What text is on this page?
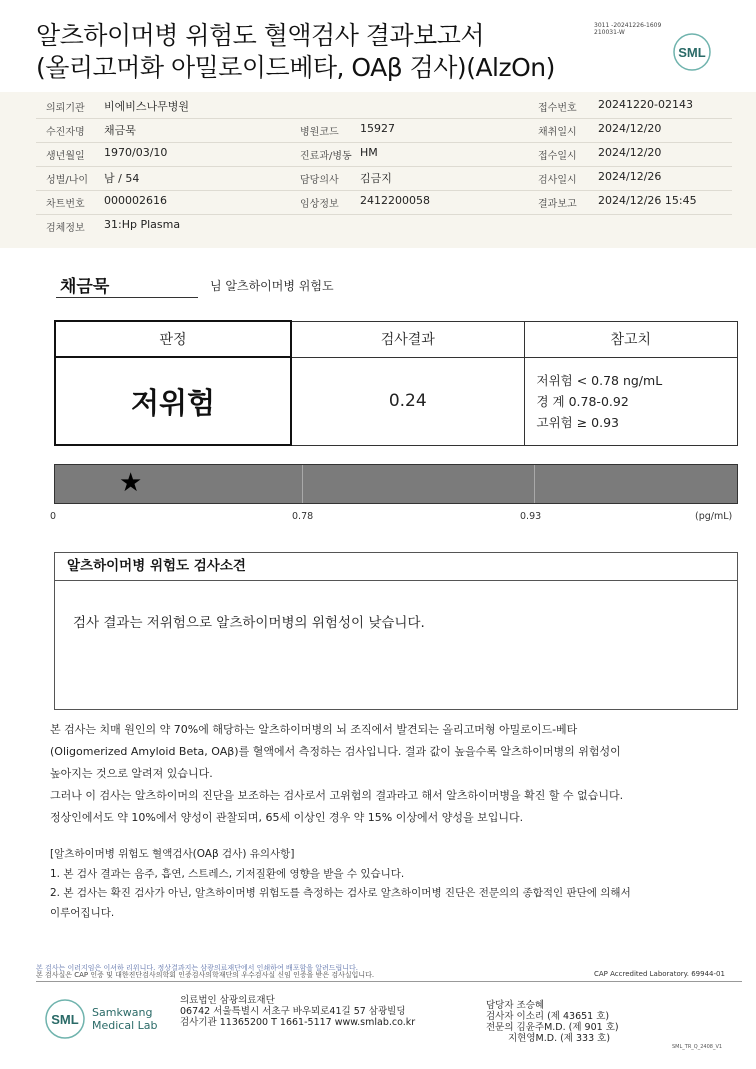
알츠하이머병 위험도 혈액검사 결과보고서
(올리고머화 아밀로이드베타, OAβ 검사)(AlzOn)
3011 -20241226-1609
210031-W
SML
의뢰기관 비에비스나무병원	접수번호 20241220-02143
수진자명 채금묵	병원코드 15927	채취일시 2024/12/20
생년월일 1970/03/10	진료과/병동 HM	접수일시 2024/12/20
성별/나이 남 / 54	담당의사 김금지	검사일시 2024/12/26
차트번호 000002616	임상정보 2412200058	결과보고 2024/12/26 15:45
검체정보 31:Hp Plasma
채금묵	님 알츠하이머병 위험도
판정	검사결과	참고치
저위험	0.24	저위험 < 0.78 ng/mL
경 계 0.78-0.92
고위험 ≥ 0.93
★
0	0.78	0.93	(pg/mL)
알츠하이머병 위험도 검사소견
검사 결과는 저위험으로 알츠하이머병의 위험성이 낮습니다.
본 검사는 치매 원인의 약 70%에 해당하는 알츠하이머병의 뇌 조직에서 발견되는 올리고머형 아밀로이드-베타
(Oligomerized Amyloid Beta, OAβ)를 혈액에서 측정하는 검사입니다. 결과 값이 높을수록 알츠하이머병의 위험성이
높아지는 것으로 알려져 있습니다.
그러나 이 검사는 알츠하이머의 진단을 보조하는 검사로서 고위험의 결과라고 해서 알츠하이머병을 확진 할 수 없습니다.
정상인에서도 약 10%에서 양성이 관찰되며, 65세 이상인 경우 약 15% 이상에서 양성을 보입니다.
[알츠하이머병 위험도 혈액검사(OAβ 검사) 유의사항]
1. 본 검사 결과는 음주, 흡연, 스트레스, 기저질환에 영향을 받을 수 있습니다.
2. 본 검사는 확진 검사가 아닌, 알츠하이머병 위험도를 측정하는 검사로 알츠하이머병 진단은 전문의의 종합적인 판단에 의해서
이루어집니다.
본 검사는 이러지임은 이셔하 리위니다. 정상결과지는 삼광의료재단에서 인쇄하여 배포함을 알려드립니다.
본 검사실은 CAP 인증 및 대한진단검사의학회 인증검사의학재단의 우수검사실 신임 인증을 받은 검사실입니다.	CAP Accredited Laboratory. 69944-01
SML Samkwang
Medical Lab
의료법인 삼광의료재단
06742 서울특별시 서초구 바우뫼로41길 57 삼광빌딩
검사기관 11365200 T 1661-5117 www.smlab.co.kr
담당자 조승혜
검사자 이소리 (제 43651 호)
전문의 김윤주M.D. (제 901 호)
지현영M.D. (제 333 호)
SML_TR_Q_2408_V1
